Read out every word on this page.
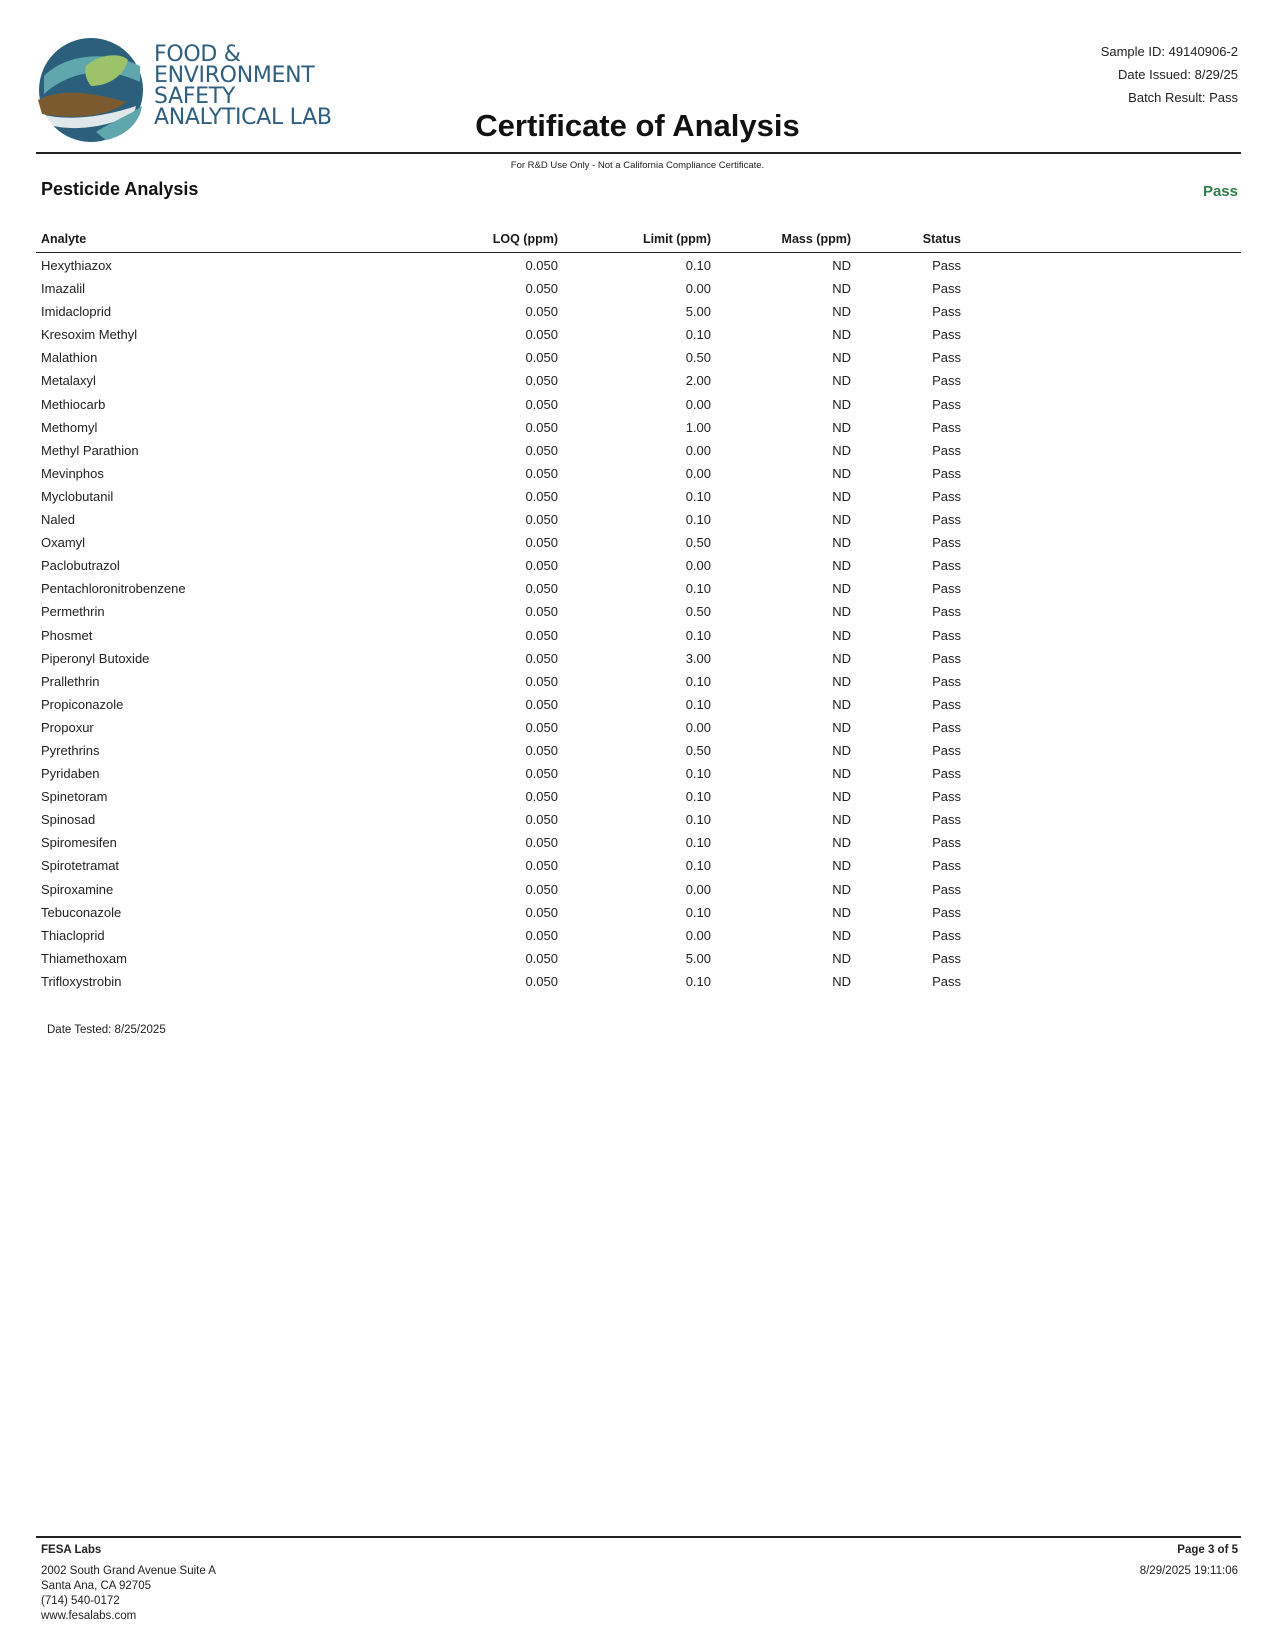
FOOD &
ENVIRONMENT
SAFETY
ANALYTICAL LAB	Certificate of Analysis
Sample ID: 49140906-2
Date Issued: 8/29/25
Batch Result: Pass
For R&D Use Only - Not a California Compliance Certificate.
Pesticide Analysis	Pass
Analyte	LOQ (ppm)	Limit (ppm)	Mass (ppm)	Status
Hexythiazox	0.050	0.10	ND	Pass
Imazalil	0.050	0.00	ND	Pass
Imidacloprid	0.050	5.00	ND	Pass
Kresoxim Methyl	0.050	0.10	ND	Pass
Malathion	0.050	0.50	ND	Pass
Metalaxyl	0.050	2.00	ND	Pass
Methiocarb	0.050	0.00	ND	Pass
Methomyl	0.050	1.00	ND	Pass
Methyl Parathion	0.050	0.00	ND	Pass
Mevinphos	0.050	0.00	ND	Pass
Myclobutanil	0.050	0.10	ND	Pass
Naled	0.050	0.10	ND	Pass
Oxamyl	0.050	0.50	ND	Pass
Paclobutrazol	0.050	0.00	ND	Pass
Pentachloronitrobenzene	0.050	0.10	ND	Pass
Permethrin	0.050	0.50	ND	Pass
Phosmet	0.050	0.10	ND	Pass
Piperonyl Butoxide	0.050	3.00	ND	Pass
Prallethrin	0.050	0.10	ND	Pass
Propiconazole	0.050	0.10	ND	Pass
Propoxur	0.050	0.00	ND	Pass
Pyrethrins	0.050	0.50	ND	Pass
Pyridaben	0.050	0.10	ND	Pass
Spinetoram	0.050	0.10	ND	Pass
Spinosad	0.050	0.10	ND	Pass
Spiromesifen	0.050	0.10	ND	Pass
Spirotetramat	0.050	0.10	ND	Pass
Spiroxamine	0.050	0.00	ND	Pass
Tebuconazole	0.050	0.10	ND	Pass
Thiacloprid	0.050	0.00	ND	Pass
Thiamethoxam	0.050	5.00	ND	Pass
Trifloxystrobin	0.050	0.10	ND	Pass
Date Tested: 8/25/2025
FESA Labs
2002 South Grand Avenue Suite A
Santa Ana, CA 92705
(714) 540-0172
www.fesalabs.com
Page 3 of 5
8/29/2025 19:11:06
